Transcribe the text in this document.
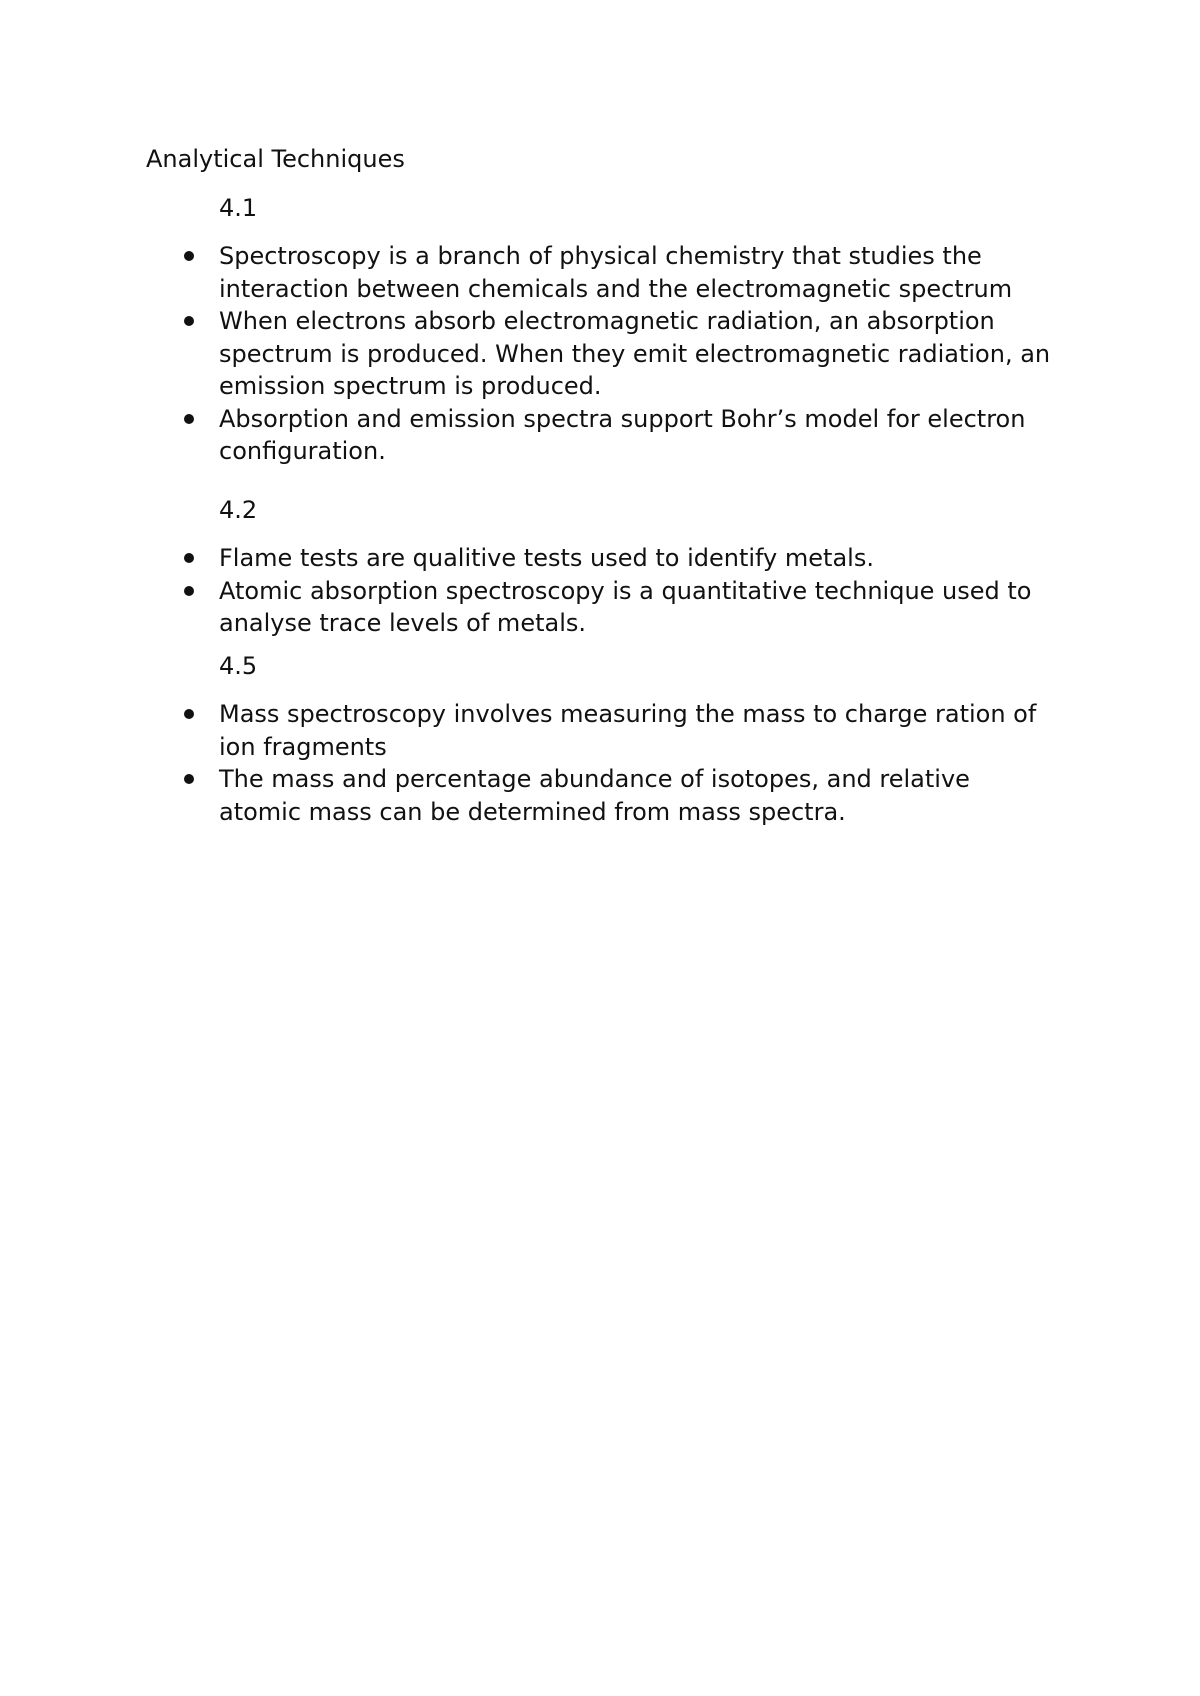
Analytical Techniques

4.1

Spectroscopy is a branch of physical chemistry that studies the interaction between chemicals and the electromagnetic spectrum
When electrons absorb electromagnetic radiation, an absorption spectrum is produced. When they emit electromagnetic radiation, an emission spectrum is produced.
Absorption and emission spectra support Bohr’s model for electron configuration.

4.2

Flame tests are qualitive tests used to identify metals.
Atomic absorption spectroscopy is a quantitative technique used to analyse trace levels of metals.

4.5

Mass spectroscopy involves measuring the mass to charge ration of ion fragments
The mass and percentage abundance of isotopes, and relative atomic mass can be determined from mass spectra.
